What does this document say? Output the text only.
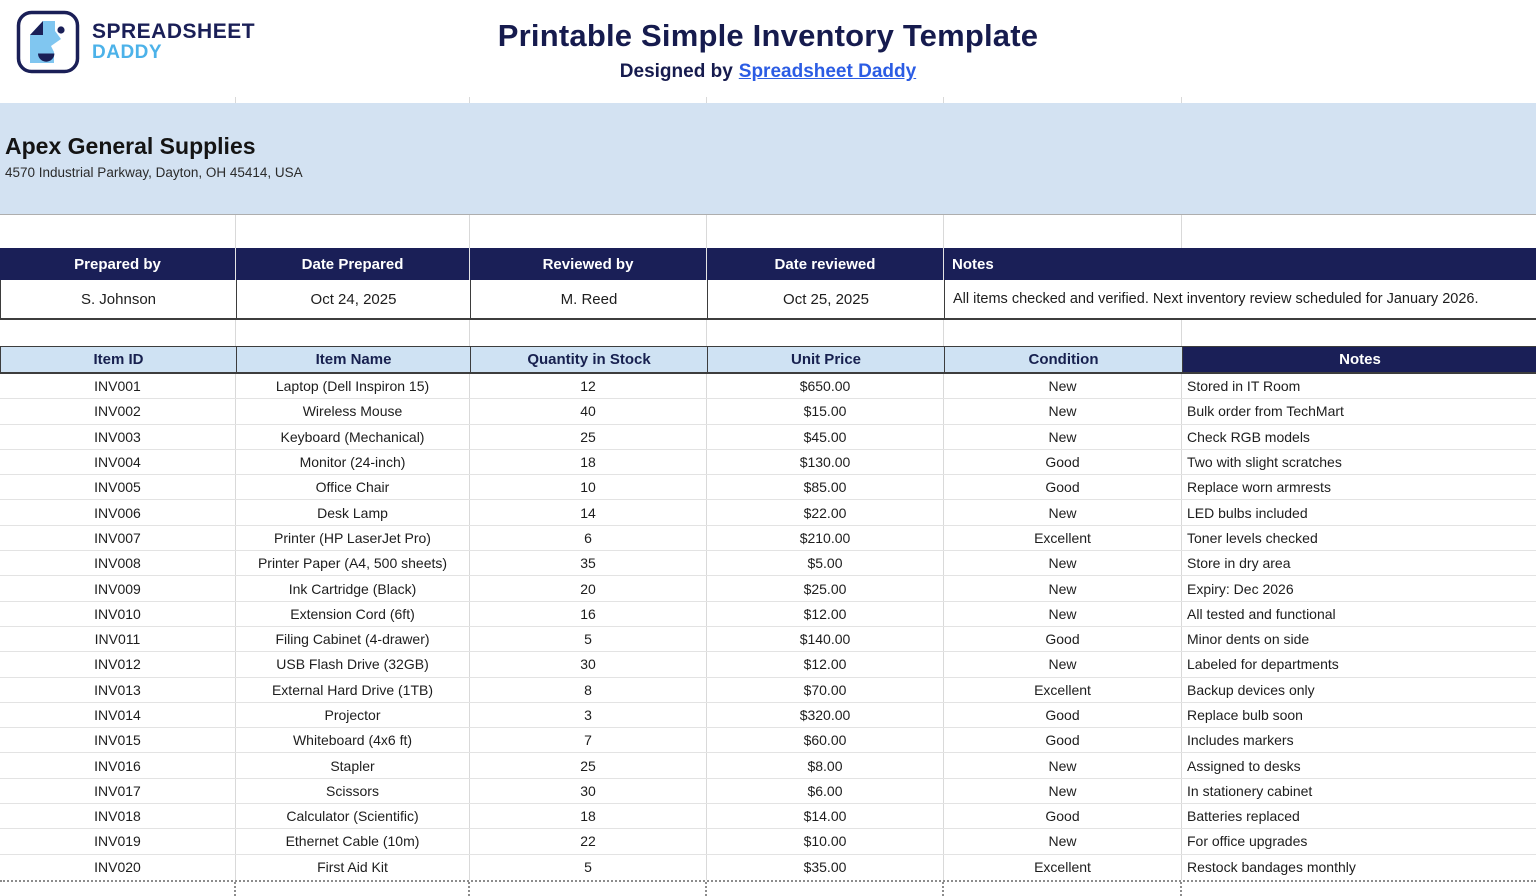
SPREADSHEET
DADDY	Printable Simple Inventory Template
Designed by Spreadsheet Daddy
Apex General Supplies
4570 Industrial Parkway, Dayton, OH 45414, USA
Prepared by	Date Prepared	Reviewed by	Date reviewed	Notes
S. Johnson	Oct 24, 2025	M. Reed	Oct 25, 2025	All items checked and verified. Next inventory review scheduled for January 2026.
Item ID	Item Name	Quantity in Stock	Unit Price	Condition	Notes
INV001	Laptop (Dell Inspiron 15)	12	$650.00	New	Stored in IT Room
INV002	Wireless Mouse	40	$15.00	New	Bulk order from TechMart
INV003	Keyboard (Mechanical)	25	$45.00	New	Check RGB models
INV004	Monitor (24-inch)	18	$130.00	Good	Two with slight scratches
INV005	Office Chair	10	$85.00	Good	Replace worn armrests
INV006	Desk Lamp	14	$22.00	New	LED bulbs included
INV007	Printer (HP LaserJet Pro)	6	$210.00	Excellent	Toner levels checked
INV008	Printer Paper (A4, 500 sheets)	35	$5.00	New	Store in dry area
INV009	Ink Cartridge (Black)	20	$25.00	New	Expiry: Dec 2026
INV010	Extension Cord (6ft)	16	$12.00	New	All tested and functional
INV011	Filing Cabinet (4-drawer)	5	$140.00	Good	Minor dents on side
INV012	USB Flash Drive (32GB)	30	$12.00	New	Labeled for departments
INV013	External Hard Drive (1TB)	8	$70.00	Excellent	Backup devices only
INV014	Projector	3	$320.00	Good	Replace bulb soon
INV015	Whiteboard (4x6 ft)	7	$60.00	Good	Includes markers
INV016	Stapler	25	$8.00	New	Assigned to desks
INV017	Scissors	30	$6.00	New	In stationery cabinet
INV018	Calculator (Scientific)	18	$14.00	Good	Batteries replaced
INV019	Ethernet Cable (10m)	22	$10.00	New	For office upgrades
INV020	First Aid Kit	5	$35.00	Excellent	Restock bandages monthly
